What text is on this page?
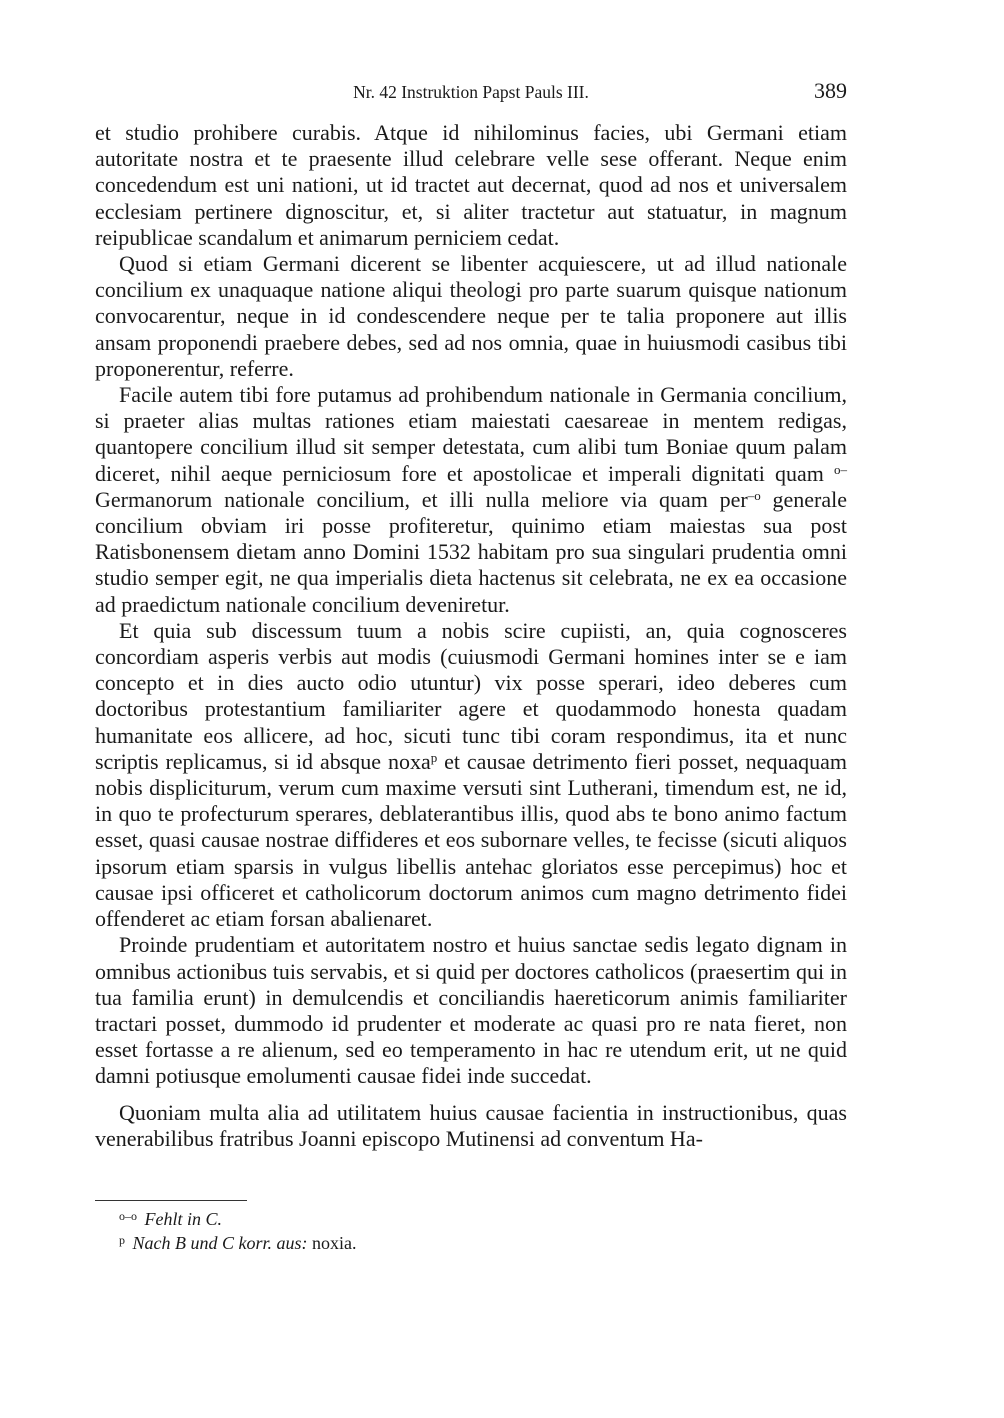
Nr. 42 Instruktion Papst Pauls III.	389

et studio prohibere curabis. Atque id nihilominus facies, ubi Germani etiam autoritate nostra et te praesente illud celebrare velle sese offerant. Neque enim concedendum est uni nationi, ut id tractet aut decernat, quod ad nos et universalem ecclesiam pertinere dignoscitur, et, si aliter tractetur aut statuatur, in magnum reipublicae scandalum et animarum perniciem cedat.

Quod si etiam Germani dicerent se libenter acquiescere, ut ad illud nationale concilium ex unaquaque natione aliqui theologi pro parte suarum quisque nationum convocarentur, neque in id condescendere neque per te talia proponere aut illis ansam proponendi praebere debes, sed ad nos omnia, quae in huiusmodi casibus tibi proponerentur, referre.

Facile autem tibi fore putamus ad prohibendum nationale in Germania concilium, si praeter alias multas rationes etiam maiestati caesareae in mentem redigas, quantopere concilium illud sit semper detestata, cum alibi tum Boniae quum palam diceret, nihil aeque perniciosum fore et apostolicae et imperali dignitati quam $^{o-}$Germanorum nationale concilium, et illi nulla meliore via quam per$^{-o}$ generale concilium obviam iri posse profiteretur, quinimo etiam maiestas sua post Ratisbonensem dietam anno Domini 1532 habitam pro sua singulari prudentia omni studio semper egit, ne qua imperialis dieta hactenus sit celebrata, ne ex ea occasione ad praedictum nationale concilium deveniretur.

Et quia sub discessum tuum a nobis scire cupiisti, an, quia cognosceres concordiam asperis verbis aut modis (cuiusmodi Germani homines inter se e iam concepto et in dies aucto odio utuntur) vix posse sperari, ideo deberes cum doctoribus protestantium familiariter agere et quodammodo honesta quadam humanitate eos allicere, ad hoc, sicuti tunc tibi coram respondimus, ita et nunc scriptis replicamus, si id absque noxa$^p$ et causae detrimento fieri posset, nequaquam nobis displiciturum, verum cum maxime versuti sint Lutherani, timendum est, ne id, in quo te profecturum sperares, deblaterantibus illis, quod abs te bono animo factum esset, quasi causae nostrae diffideres et eos subornare velles, te fecisse (sicuti aliquos ipsorum etiam sparsis in vulgus libellis antehac gloriatos esse percepimus) hoc et causae ipsi officeret et catholicorum doctorum animos cum magno detrimento fidei offenderet ac etiam forsan abalienaret.

Proinde prudentiam et autoritatem nostro et huius sanctae sedis legato dignam in omnibus actionibus tuis servabis, et si quid per doctores catholicos (praesertim qui in tua familia erunt) in demulcendis et conciliandis haereticorum animis familiariter tractari posset, dummodo id prudenter et moderate ac quasi pro re nata fieret, non esset fortasse a re alienum, sed eo temperamento in hac re utendum erit, ut ne quid damni potiusque emolumenti causae fidei inde succedat.

Quoniam multa alia ad utilitatem huius causae facientia in instructionibus, quas venerabilibus fratribus Joanni episcopo Mutinensi ad conventum Ha-

$^{o-o}$ Fehlt in C.
$^p$ Nach B und C korr. aus: noxia.
